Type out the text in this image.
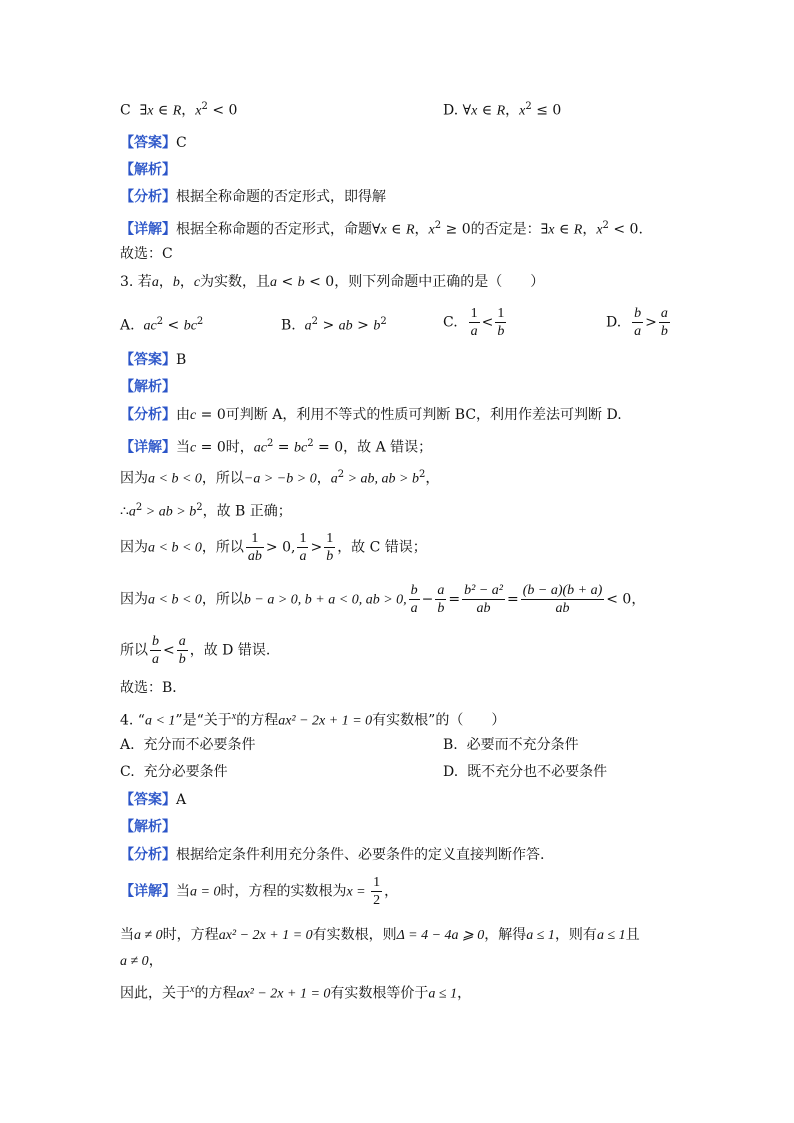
C ∃x ∈ R，$x^2 < 0$	D. ∀x ∈ R，$x^2 \le 0$
【答案】C
【解析】
【分析】根据全称命题的否定形式，即得解
【详解】根据全称命题的否定形式，命题∀x ∈ R，$x^2 \ge 0$的否定是：∃x ∈ R，$x^2 < 0$.
故选：C
3. 若a，b，c为实数，且a < b < 0，则下列命题中正确的是（　　）
A. $ac^2 < bc^2$	B. $a^2$ > ab > $b^2$	C. $\frac{1}{a} < \frac{1}{b}$	D. $\frac{b}{a} > \frac{a}{b}$
【答案】B
【解析】
【分析】由c = 0可判断 A，利用不等式的性质可判断 BC，利用作差法可判断 D.
【详解】当c = 0时，$ac^2 = bc^2 = 0$，故 A 错误；
因为a < b < 0，所以−a > −b > 0，$a^2$ > ab, ab > $b^2$，
$\therefore a^2$ > ab > $b^2$，故 B 正确；
因为a < b < 0，所以 $\frac{1}{ab} > 0$, $\frac{1}{a} > \frac{1}{b}$ ，故 C 错误；
因为a < b < 0，所以b − a > 0, b + a < 0, ab > 0, $\frac{b}{a} - \frac{a}{b} = \frac{\text{b² − a²}}{ab} = \frac{(b - a)(b + a)}{ab} < 0$，
所以 $\frac{b}{a} < \frac{a}{b}$ ，故 D 错误.
故选：B．
4. “a < 1”是“关于$^x$的方程ax² − 2x + 1 = 0有实数根”的（　　）
A. 充分而不必要条件	B. 必要而不充分条件
C. 充分必要条件	D. 既不充分也不必要条件
【答案】A
【解析】
【分析】根据给定条件利用充分条件、必要条件的定义直接判断作答.
【详解】当a = 0时，方程的实数根为$x = \frac{1}{2}$ ，
当a ≠ 0时，方程ax² − 2x + 1 = 0有实数根，则Δ = 4 − 4a ⩾ 0，解得a ≤ 1，则有a ≤ 1且
a ≠ 0，
因此，关于$^x$的方程ax² − 2x + 1 = 0有实数根等价于a ≤ 1，
